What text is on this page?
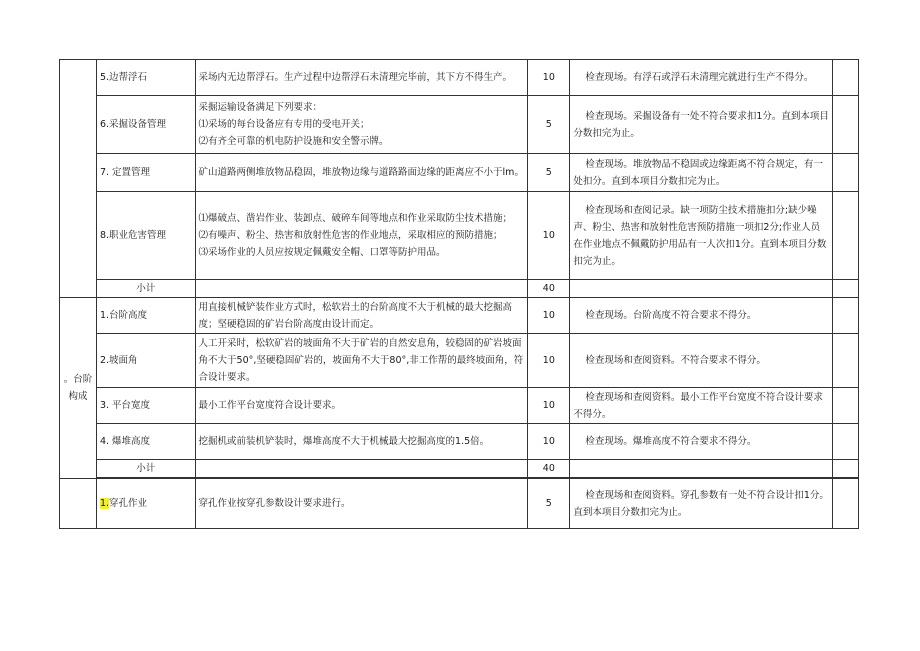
	5.边帮浮石	采场内无边帮浮石。生产过程中边帮浮石未清理完毕前，其下方不得生产。	10	检查现场。有浮石或浮石未清理完就进行生产不得分。	
	6.采掘设备管理	采掘运输设备满足下列要求：
⑴采场的每台设备应有专用的受电开关；
⑵有齐全可靠的机电防护设施和安全警示牌。	5	检查现场。采掘设备有一处不符合要求扣1分。直到本项目分数扣完为止。	
	7. 定置管理	矿山道路两侧堆放物品稳固，堆放物边缘与道路路面边缘的距离应不小于lm。	5	检查现场。堆放物品不稳固或边缘距离不符合规定，有一处扣分。直到本项目分数扣完为止。	
	8.职业危害管理	⑴爆破点、凿岩作业、装卸点、破碎车间等地点和作业采取防尘技术措施；
⑵有噪声、粉尘、热害和放射性危害的作业地点，采取相应的预防措施；
⑶采场作业的人员应按规定佩戴安全帽、口罩等防护用品。	10	检查现场和查阅记录。缺一项防尘技术措施扣分;缺少噪声、粉尘、热害和放射性危害预防措施一项扣2分;作业人员在作业地点不佩戴防护用品有一人次扣1分。直到本项目分数扣完为止。	
	小计		40		
。台阶构成	1.台阶高度	用直接机械铲装作业方式时，松软岩土的台阶高度不大于机械的最大挖掘高度；坚硬稳固的矿岩台阶高度由设计而定。	10	检查现场。台阶高度不符合要求不得分。	
	2.坡面角	人工开采时，松软矿岩的坡面角不大于矿岩的自然安息角，较稳固的矿岩坡面角不大于50°,坚硬稳固矿岩的，坡面角不大于80°,非工作帮的最终坡面角，符合设计要求。	10	检查现场和查阅资料。不符合要求不得分。	
	3. 平台宽度	最小工作平台宽度符合设计要求。	10	检查现场和查阅资料。最小工作平台宽度不符合设计要求不得分。	
	4. 爆堆高度	挖掘机或前装机铲装时，爆堆高度不大于机械最大挖掘高度的1.5倍。	10	检查现场。爆堆高度不符合要求不得分。	
	小计		40		

	1.穿孔作业	穿孔作业按穿孔参数设计要求进行。	5	检查现场和查阅资料。穿孔参数有一处不符合设计扣1分。直到本项目分数扣完为止。	
